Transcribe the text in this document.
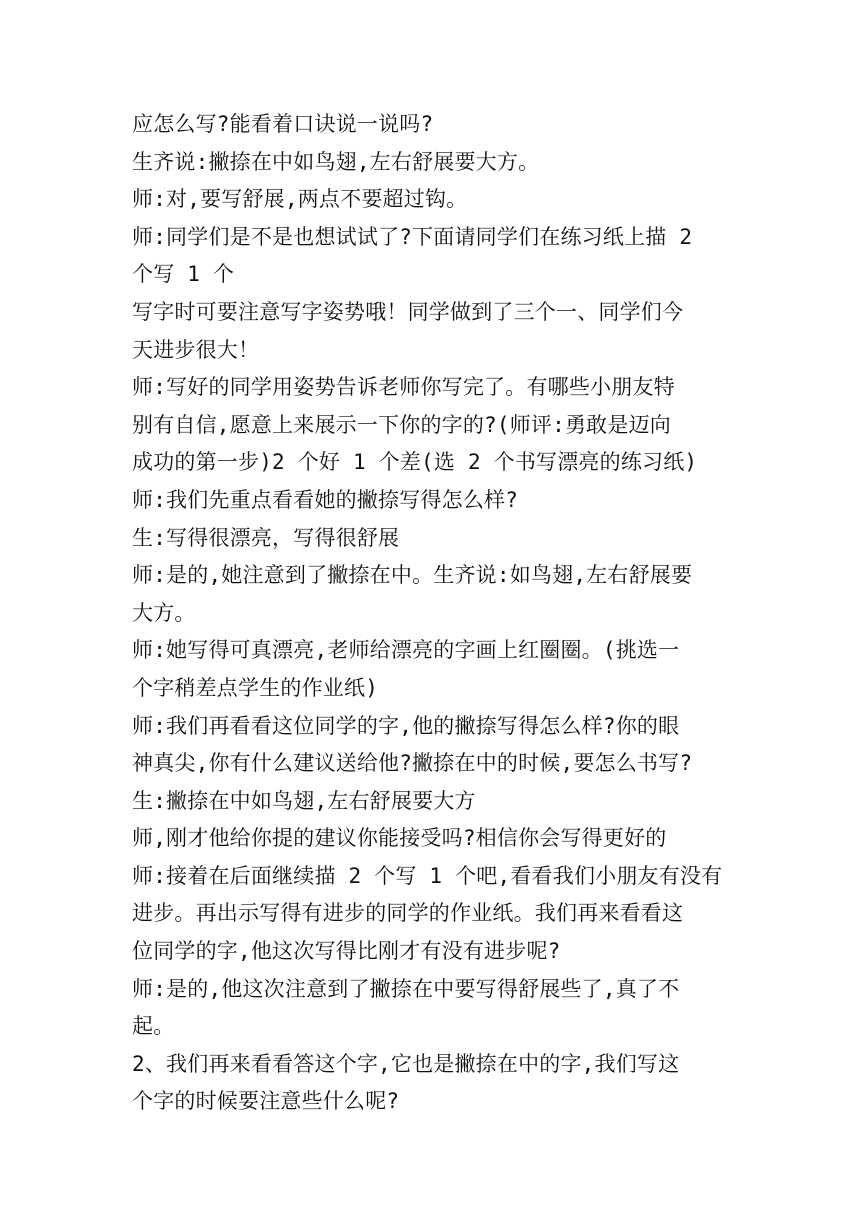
应怎么写?能看着口诀说一说吗?
生齐说:撇捺在中如鸟翅,左右舒展要大方。
师:对,要写舒展,两点不要超过钩。
师:同学们是不是也想试试了?下面请同学们在练习纸上描 2
个写 1 个
写字时可要注意写字姿势哦！同学做到了三个一、同学们今
天进步很大！
师:写好的同学用姿势告诉老师你写完了。有哪些小朋友特
别有自信,愿意上来展示一下你的字的?(师评:勇敢是迈向
成功的第一步)2 个好 1 个差(选 2 个书写漂亮的练习纸)
师:我们先重点看看她的撇捺写得怎么样?
生:写得很漂亮，写得很舒展
师:是的,她注意到了撇捺在中。生齐说:如鸟翅,左右舒展要
大方。
师:她写得可真漂亮,老师给漂亮的字画上红圈圈。(挑选一
个字稍差点学生的作业纸)
师:我们再看看这位同学的字,他的撇捺写得怎么样?你的眼
神真尖,你有什么建议送给他?撇捺在中的时候,要怎么书写?
生:撇捺在中如鸟翅,左右舒展要大方
师,刚才他给你提的建议你能接受吗?相信你会写得更好的
师:接着在后面继续描 2 个写 1 个吧,看看我们小朋友有没有
进步。再出示写得有进步的同学的作业纸。我们再来看看这
位同学的字,他这次写得比刚才有没有进步呢?
师:是的,他这次注意到了撇捺在中要写得舒展些了,真了不
起。
2、我们再来看看答这个字,它也是撇捺在中的字,我们写这
个字的时候要注意些什么呢?
